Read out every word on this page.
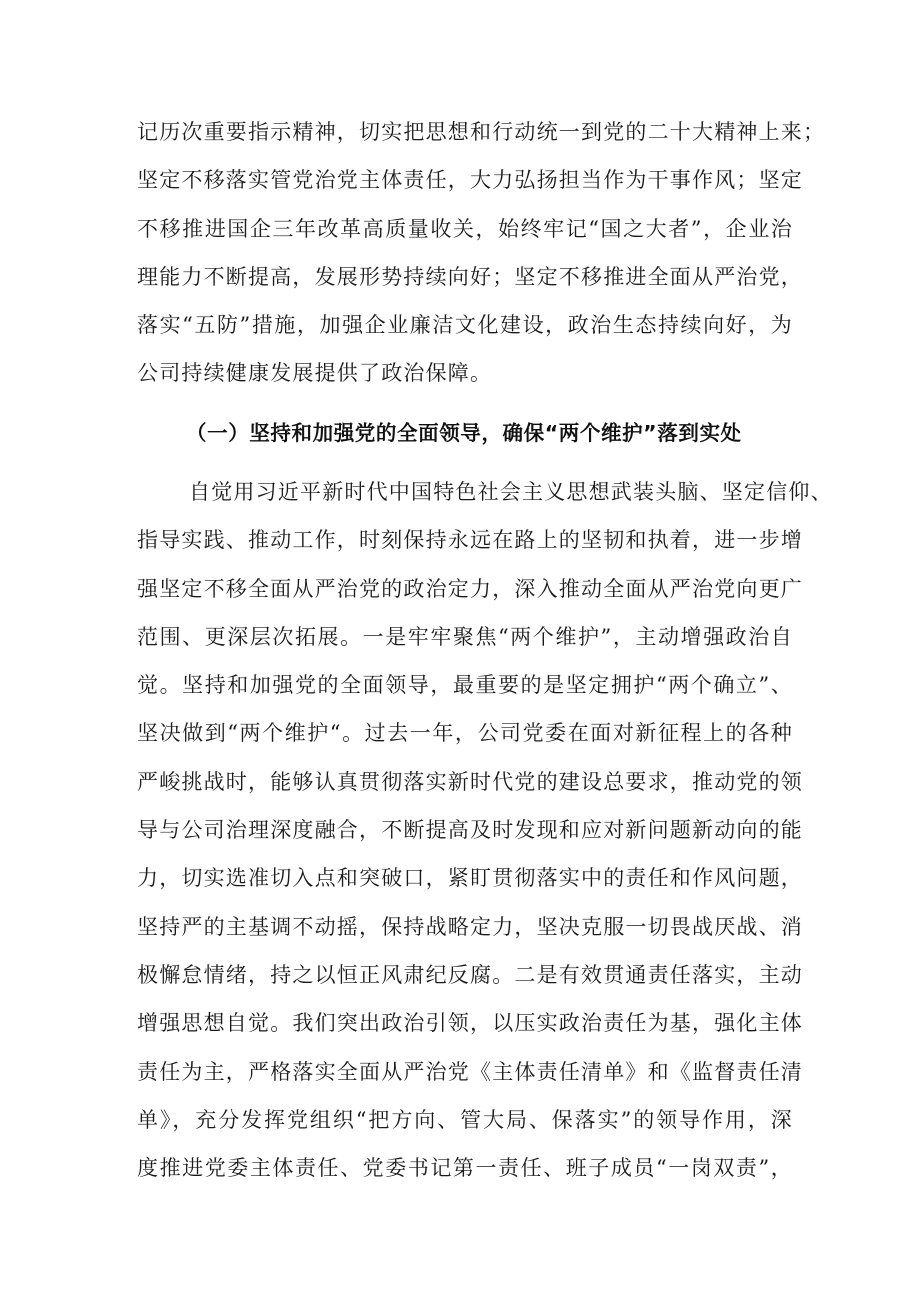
记历次重要指示精神，切实把思想和行动统一到党的二十大精神上来；
坚定不移落实管党治党主体责任，大力弘扬担当作为干事作风；坚定
不移推进国企三年改革高质量收关，始终牢记“国之大者”，企业治
理能力不断提高，发展形势持续向好；坚定不移推进全面从严治党，
落实“五防”措施，加强企业廉洁文化建设，政治生态持续向好，为
公司持续健康发展提供了政治保障。
（一）坚持和加强党的全面领导，确保“两个维护”落到实处
自觉用习近平新时代中国特色社会主义思想武装头脑、坚定信仰、
指导实践、推动工作，时刻保持永远在路上的坚韧和执着，进一步增
强坚定不移全面从严治党的政治定力，深入推动全面从严治党向更广
范围、更深层次拓展。一是牢牢聚焦“两个维护”，主动增强政治自
觉。坚持和加强党的全面领导，最重要的是坚定拥护“两个确立”、
坚决做到“两个维护“。过去一年，公司党委在面对新征程上的各种
严峻挑战时，能够认真贯彻落实新时代党的建设总要求，推动党的领
导与公司治理深度融合，不断提高及时发现和应对新问题新动向的能
力，切实选准切入点和突破口，紧盯贯彻落实中的责任和作风问题，
坚持严的主基调不动摇，保持战略定力，坚决克服一切畏战厌战、消
极懈怠情绪，持之以恒正风肃纪反腐。二是有效贯通责任落实，主动
增强思想自觉。我们突出政治引领，以压实政治责任为基，强化主体
责任为主，严格落实全面从严治党《主体责任清单》和《监督责任清
单》，充分发挥党组织“把方向、管大局、保落实”的领导作用，深
度推进党委主体责任、党委书记第一责任、班子成员“一岗双责”，
